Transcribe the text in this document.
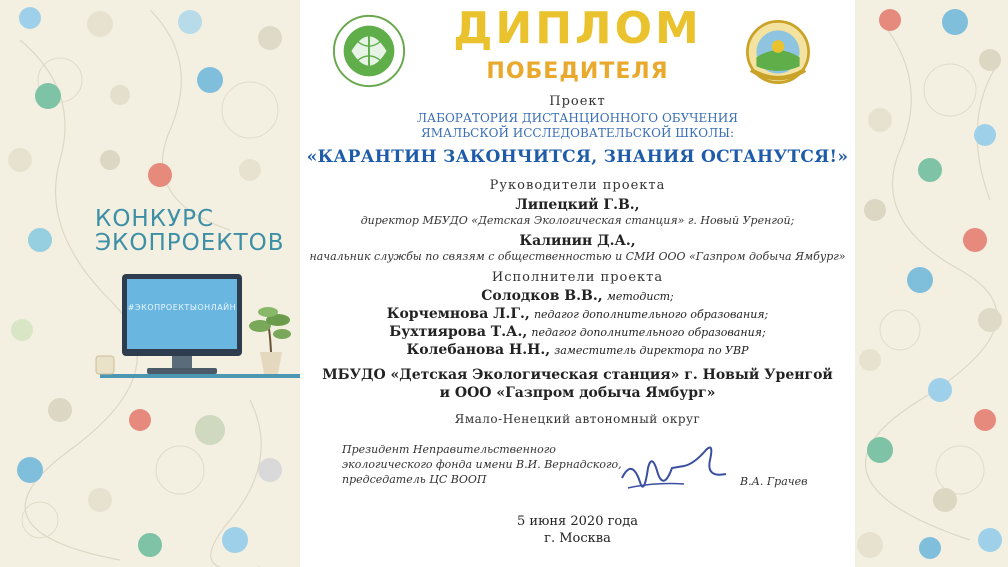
ДИПЛОМ
ПОБЕДИТЕЛЯ
Проект
ЛАБОРАТОРИЯ ДИСТАНЦИОННОГО ОБУЧЕНИЯ
ЯМАЛЬСКОЙ ИССЛЕДОВАТЕЛЬСКОЙ ШКОЛЫ:
«КАРАНТИН ЗАКОНЧИТСЯ, ЗНАНИЯ ОСТАНУТСЯ!»
Руководители проекта
Липецкий Г.В.,
директор МБУДО «Детская Экологическая станция» г. Новый Уренгой;
Калинин Д.А.,
начальник службы по связям с общественностью и СМИ ООО «Газпром добыча Ямбург»
Исполнители проекта
Солодков В.В., методист;
Корчемнова Л.Г., педагог дополнительного образования;
Бухтиярова Т.А., педагог дополнительного образования;
Колебанова Н.Н., заместитель директора по УВР
МБУДО «Детская Экологическая станция» г. Новый Уренгой
и ООО «Газпром добыча Ямбург»
Ямало-Ненецкий автономный округ
Президент Неправительственного
экологического фонда имени В.И. Вернадского,
председатель ЦС ВООП	В.А. Грачев
5 июня 2020 года
г. Москва
КОНКУРС
ЭКОПРОЕКТОВ
#ЭКОПРОЕКТЫОНЛАЙН
